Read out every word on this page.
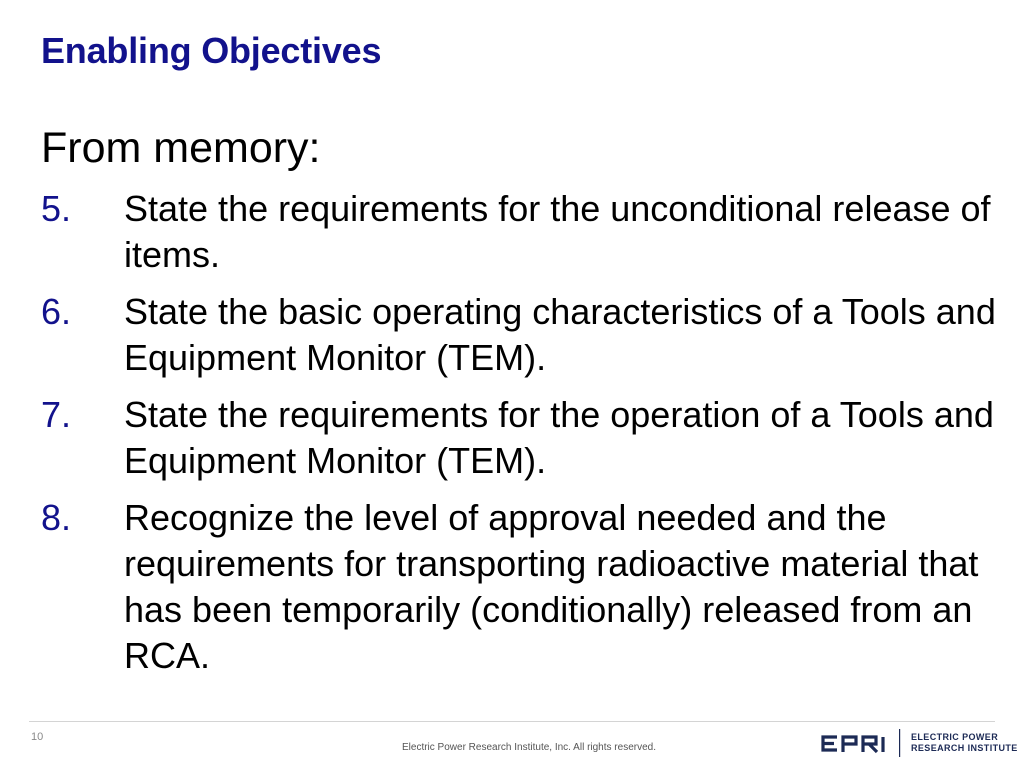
Enabling Objectives
From memory:
5. State the requirements for the unconditional release of items.
6. State the basic operating characteristics of a Tools and Equipment Monitor (TEM).
7. State the requirements for the operation of a Tools and Equipment Monitor (TEM).
8. Recognize the level of approval needed and the requirements for transporting radioactive material that has been temporarily (conditionally) released from an RCA.
10
Electric Power Research Institute, Inc. All rights reserved.
ELECTRIC POWER
RESEARCH INSTITUTE
